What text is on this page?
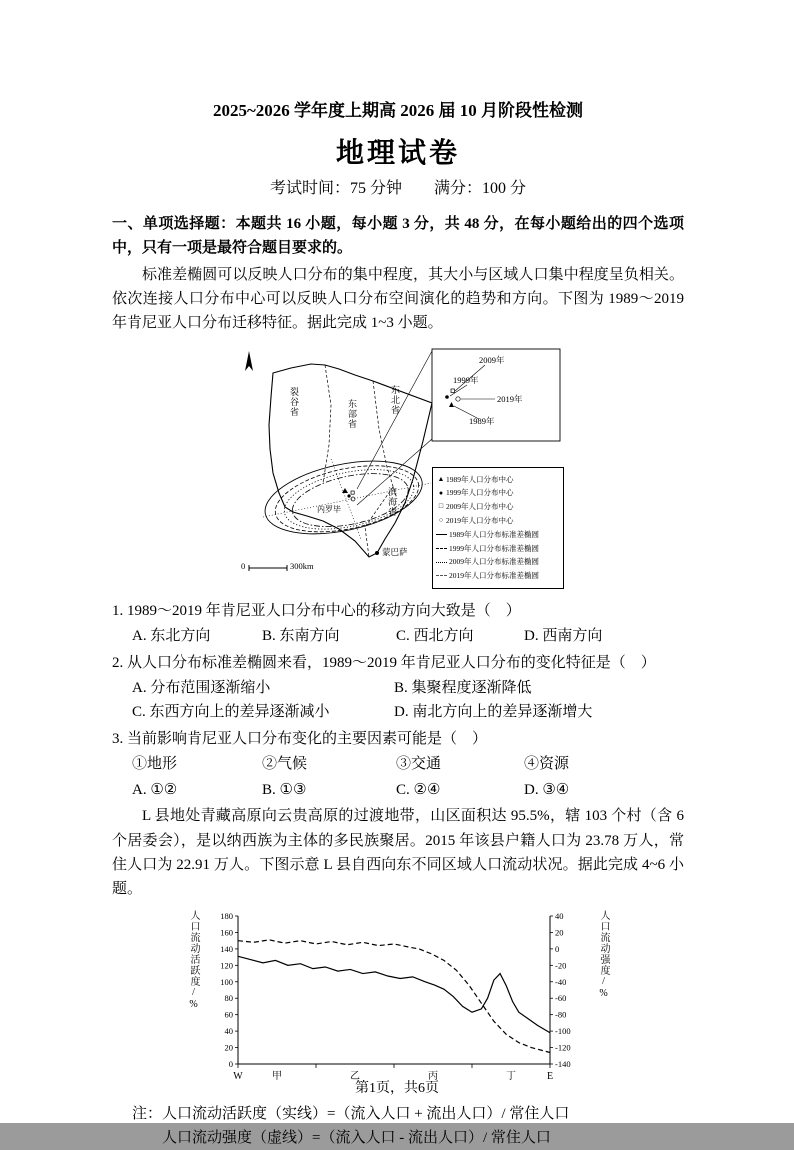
2025~2026 学年度上期高 2026 届 10 月阶段性检测

地理试卷

考试时间：75 分钟　　满分：100 分

一、单项选择题：本题共 16 小题，每小题 3 分，共 48 分，在每小题给出的四个选项中，只有一项是最符合题目要求的。

标准差椭圆可以反映人口分布的集中程度，其大小与区域人口集中程度呈负相关。依次连接人口分布中心可以反映人口分布空间演化的趋势和方向。下图为 1989～2019 年肯尼亚人口分布迁移特征。据此完成 1~3 小题。

裂谷省	东部省	东北省
滨海省
内罗毕
蒙巴萨
2009年
1999年
2019年
1989年
0	300km
▲ 1989年人口分布中心
● 1999年人口分布中心
□ 2009年人口分布中心
○ 2019年人口分布中心
1989年人口分布标准差椭圆
1999年人口分布标准差椭圆
2009年人口分布标准差椭圆
2019年人口分布标准差椭圆

1. 1989～2019 年肯尼亚人口分布中心的移动方向大致是（　）

A. 东北方向	B. 东南方向	C. 西北方向	D. 西南方向

2. 从人口分布标准差椭圆来看，1989～2019 年肯尼亚人口分布的变化特征是（　）

A. 分布范围逐渐缩小	B. 集聚程度逐渐降低
C. 东西方向上的差异逐渐减小	D. 南北方向上的差异逐渐增大

3. 当前影响肯尼亚人口分布变化的主要因素可能是（　）

①地形	②气候	③交通	④资源
A. ①②	B. ①③	C. ②④	D. ③④

L 县地处青藏高原向云贵高原的过渡地带，山区面积达 95.5%，辖 103 个村（含 6 个居委会），是以纳西族为主体的多民族聚居。2015 年该县户籍人口为 23.78 万人，常住人口为 22.91 万人。下图示意 L 县自西向东不同区域人口流动状况。据此完成 4~6 小题。

人口流动活跃度/%
0
20
40
60
80
100
120
140
160
180
-140
-120
-100
-80
-60
-40
-20
0
20
40
W	E
甲	乙	丙	丁
人口流动强度/%
注： 人口流动活跃度（实线）=（流入人口 + 流出人口）/ 常住人口

人口流动强度（虚线）=（流入人口 - 流出人口）/ 常住人口

第1页，共6页
